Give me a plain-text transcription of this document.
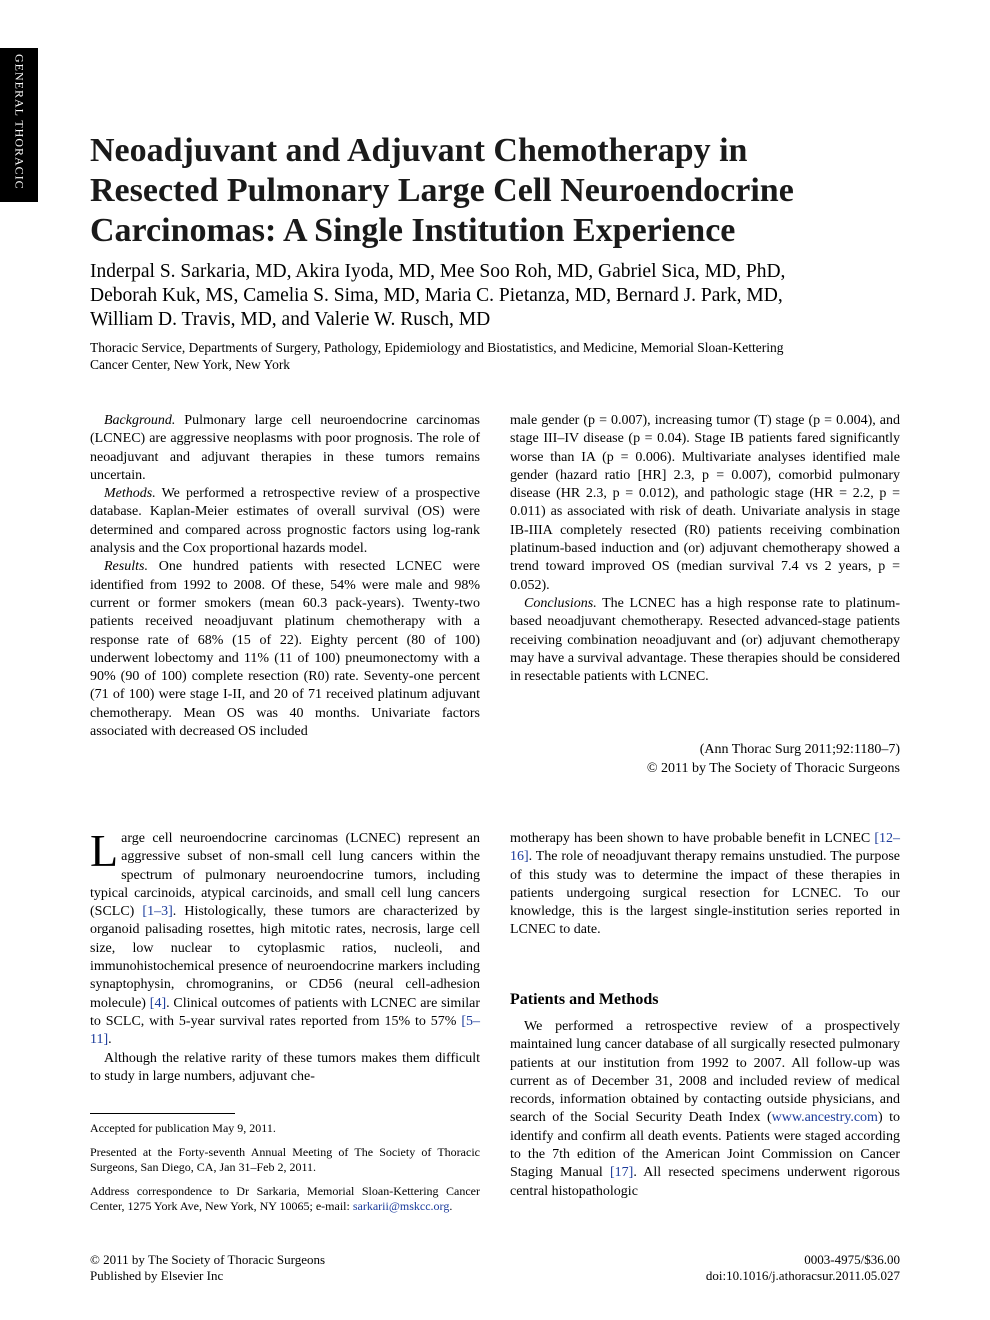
GENERAL THORACIC Neoadjuvant and Adjuvant Chemotherapy in
Resected Pulmonary Large Cell Neuroendocrine
Carcinomas: A Single Institution Experience
Inderpal S. Sarkaria, MD, Akira Iyoda, MD, Mee Soo Roh, MD, Gabriel Sica, MD, PhD,
Deborah Kuk, MS, Camelia S. Sima, MD, Maria C. Pietanza, MD, Bernard J. Park, MD,
William D. Travis, MD, and Valerie W. Rusch, MD
Thoracic Service, Departments of Surgery, Pathology, Epidemiology and Biostatistics, and Medicine, Memorial Sloan-Kettering
Cancer Center, New York, New York

Background. Pulmonary large cell neuroendocrine carcinomas (LCNEC) are aggressive neoplasms with poor prognosis. The role of neoadjuvant and adjuvant therapies in these tumors remains uncertain.

Methods. We performed a retrospective review of a prospective database. Kaplan-Meier estimates of overall survival (OS) were determined and compared across prognostic factors using log-rank analysis and the Cox proportional hazards model.

Results. One hundred patients with resected LCNEC were identified from 1992 to 2008. Of these, 54% were male and 98% current or former smokers (mean 60.3 pack-years). Twenty-two patients received neoadjuvant platinum chemotherapy with a response rate of 68% (15 of 22). Eighty percent (80 of 100) underwent lobectomy and 11% (11 of 100) pneumonectomy with a 90% (90 of 100) complete resection (R0) rate. Seventy-one percent (71 of 100) were stage I-II, and 20 of 71 received platinum adjuvant chemotherapy. Mean OS was 40 months. Univariate factors associated with decreased OS included

male gender (p = 0.007), increasing tumor (T) stage (p = 0.004), and stage III–IV disease (p = 0.04). Stage IB patients fared significantly worse than IA (p = 0.006). Multivariate analyses identified male gender (hazard ratio [HR] 2.3, p = 0.007), comorbid pulmonary disease (HR 2.3, p = 0.012), and pathologic stage (HR = 2.2, p = 0.011) as associated with risk of death. Univariate analysis in stage IB-IIIA completely resected (R0) patients receiving combination platinum-based induction and (or) adjuvant chemotherapy showed a trend toward improved OS (median survival 7.4 vs 2 years, p = 0.052).

Conclusions. The LCNEC has a high response rate to platinum-based neoadjuvant chemotherapy. Resected advanced-stage patients receiving combination neoadjuvant and (or) adjuvant chemotherapy may have a survival advantage. These therapies should be considered in resectable patients with LCNEC.

(Ann Thorac Surg 2011;92:1180–7)
© 2011 by The Society of Thoracic Surgeons

Large cell neuroendocrine carcinomas (LCNEC) represent an aggressive subset of non-small cell lung cancers within the spectrum of pulmonary neuroendocrine tumors, including typical carcinoids, atypical carcinoids, and small cell lung cancers (SCLC) [1–3]. Histologically, these tumors are characterized by organoid palisading rosettes, high mitotic rates, necrosis, large cell size, low nuclear to cytoplasmic ratios, nucleoli, and immunohistochemical presence of neuroendocrine markers including synaptophysin, chromogranins, or CD56 (neural cell-adhesion molecule) [4]. Clinical outcomes of patients with LCNEC are similar to SCLC, with 5-year survival rates reported from 15% to 57% [5–11].

Although the relative rarity of these tumors makes them difficult to study in large numbers, adjuvant che-

motherapy has been shown to have probable benefit in LCNEC [12–16]. The role of neoadjuvant therapy remains unstudied. The purpose of this study was to determine the impact of these therapies in patients undergoing surgical resection for LCNEC. To our knowledge, this is the largest single-institution series reported in LCNEC to date.

Patients and Methods

We performed a retrospective review of a prospectively maintained lung cancer database of all surgically resected pulmonary patients at our institution from 1992 to 2007. All follow-up was current as of December 31, 2008 and included review of medical records, information obtained by contacting outside physicians, and search of the Social Security Death Index (www.ancestry.com) to identify and confirm all death events. Patients were staged according to the 7th edition of the American Joint Commission on Cancer Staging Manual [17]. All resected specimens underwent rigorous central histopathologic

Accepted for publication May 9, 2011.

Presented at the Forty-seventh Annual Meeting of The Society of Thoracic Surgeons, San Diego, CA, Jan 31–Feb 2, 2011.

Address correspondence to Dr Sarkaria, Memorial Sloan-Kettering Cancer Center, 1275 York Ave, New York, NY 10065; e-mail: sarkarii@mskcc.org.

© 2011 by The Society of Thoracic Surgeons
Published by Elsevier Inc
0003-4975/$36.00
doi:10.1016/j.athoracsur.2011.05.027
